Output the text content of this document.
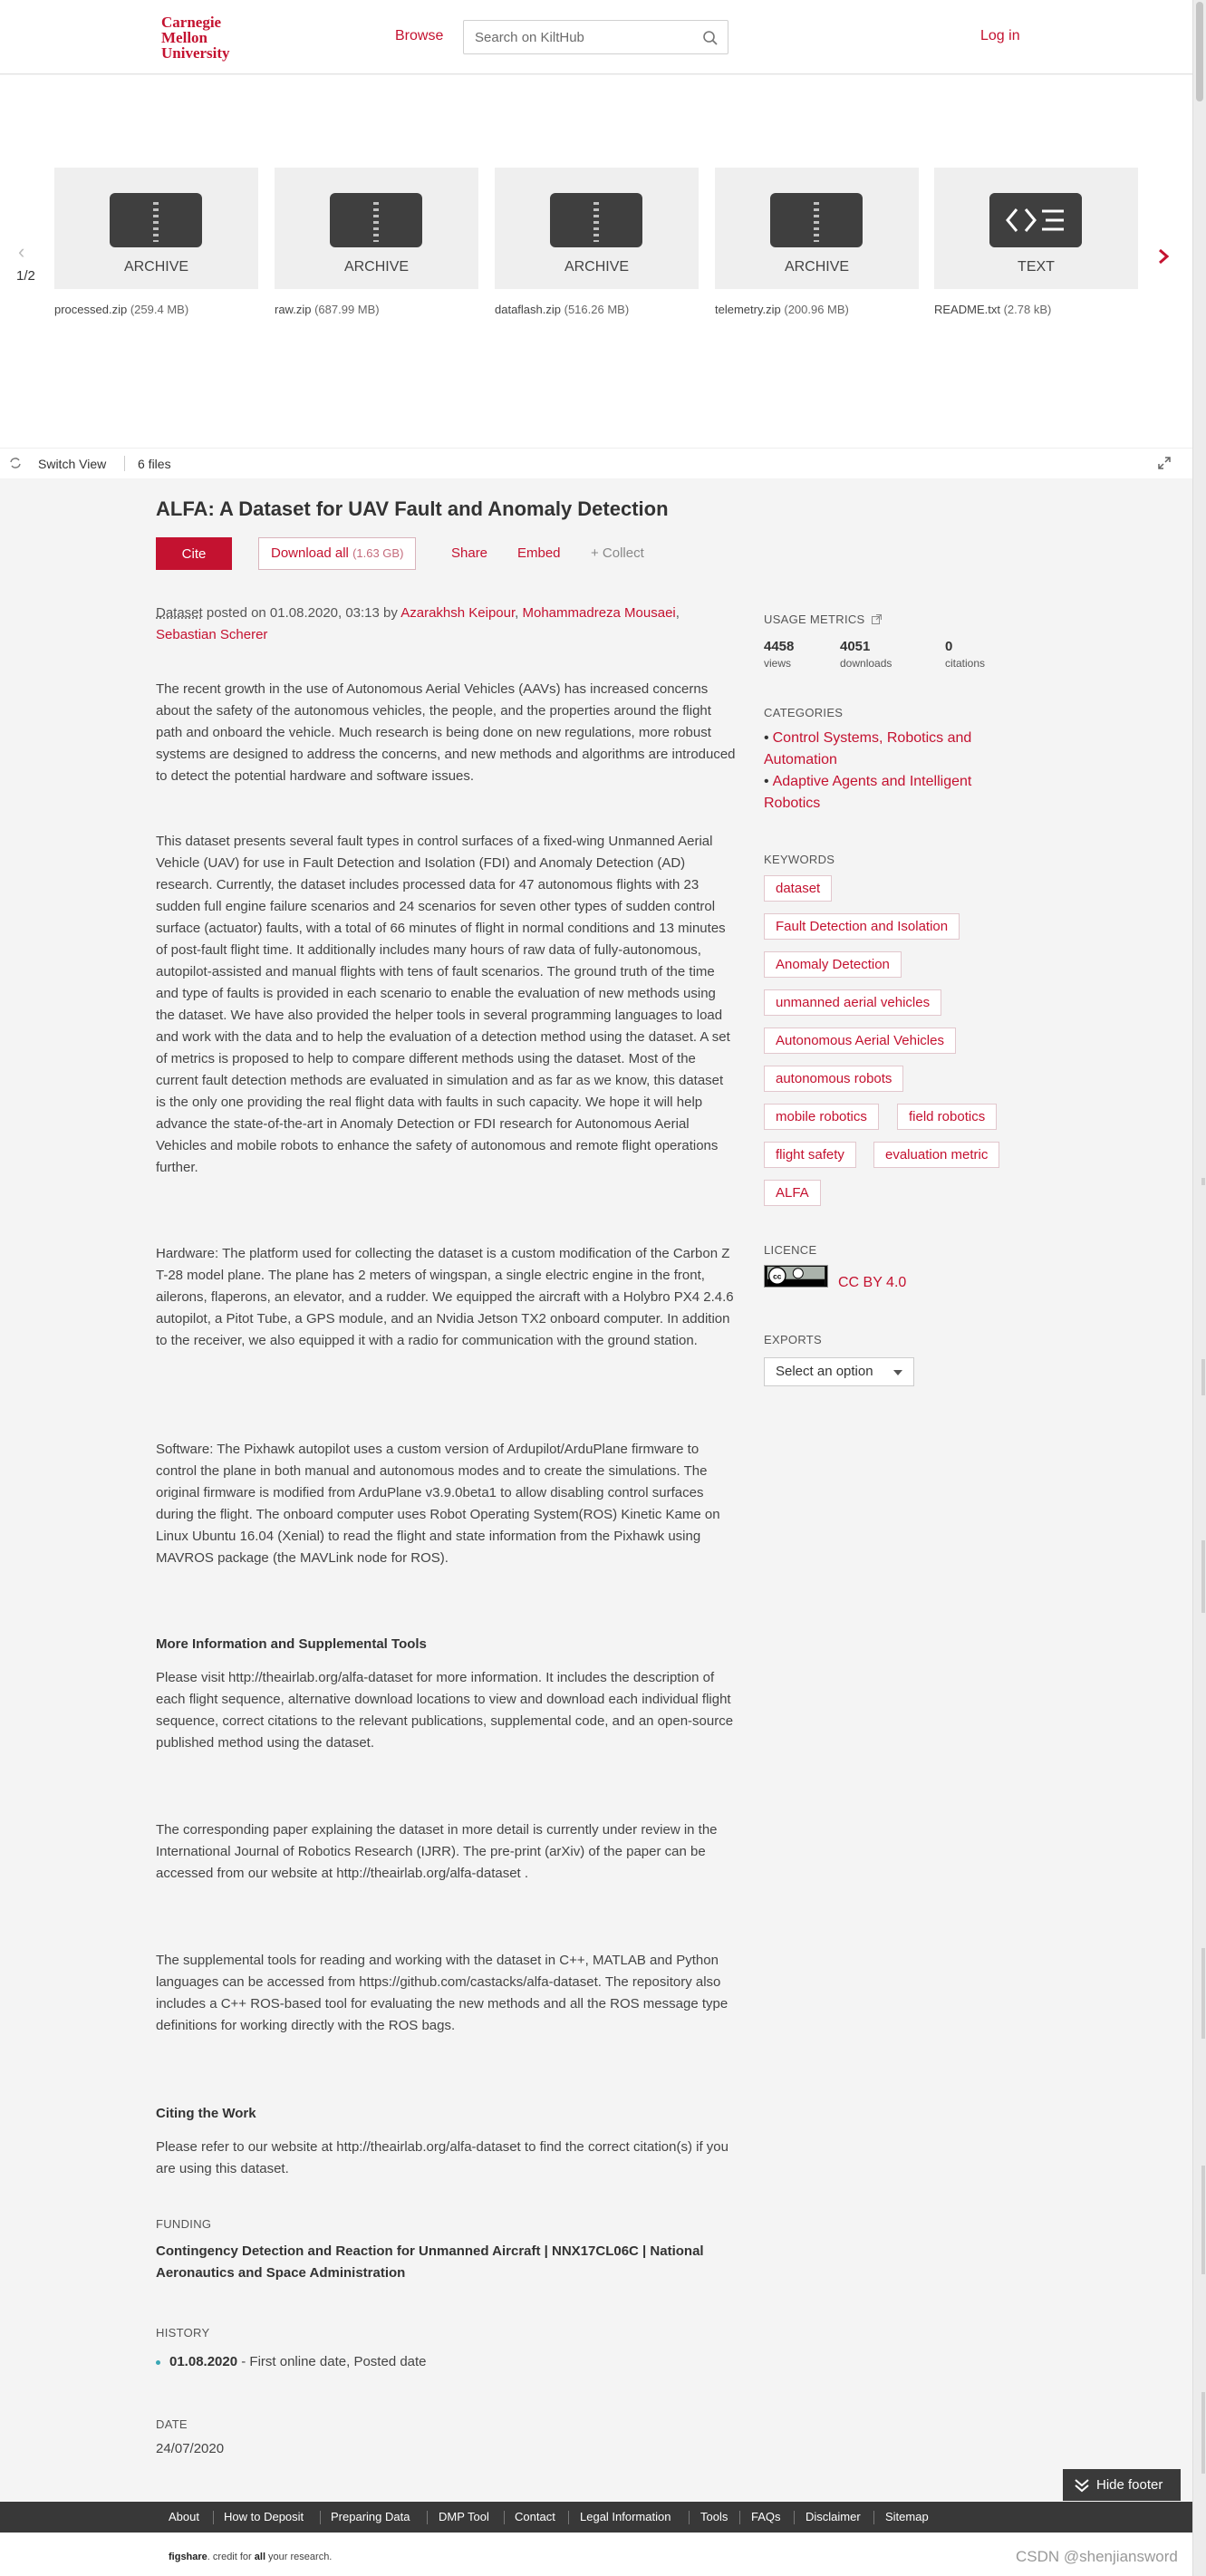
Carnegie
Mellon
University
Browse
Search on KiltHub	Log in
‹
1/2
ARCHIVE
processed.zip (259.4 MB)
ARCHIVE
raw.zip (687.99 MB)
ARCHIVE
dataflash.zip (516.26 MB)
ARCHIVE
telemetry.zip (200.96 MB)
TEXT
README.txt (2.78 kB)
Switch View 6 files
ALFA: A Dataset for UAV Fault and Anomaly Detection
Cite	Download all (1.63 GB)	Share Embed + Collect
Dataset posted on 01.08.2020, 03:13 by Azarakhsh Keipour, Mohammadreza Mousaei, Sebastian Scherer

The recent growth in the use of Autonomous Aerial Vehicles (AAVs) has increased concerns about the safety of the autonomous vehicles, the people, and the properties around the flight path and onboard the vehicle. Much research is being done on new regulations, more robust systems are designed to address the concerns, and new methods and algorithms are introduced to detect the potential hardware and software issues.

This dataset presents several fault types in control surfaces of a fixed-wing Unmanned Aerial Vehicle (UAV) for use in Fault Detection and Isolation (FDI) and Anomaly Detection (AD) research. Currently, the dataset includes processed data for 47 autonomous flights with 23 sudden full engine failure scenarios and 24 scenarios for seven other types of sudden control surface (actuator) faults, with a total of 66 minutes of flight in normal conditions and 13 minutes of post-fault flight time. It additionally includes many hours of raw data of fully-autonomous, autopilot-assisted and manual flights with tens of fault scenarios. The ground truth of the time and type of faults is provided in each scenario to enable the evaluation of new methods using the dataset. We have also provided the helper tools in several programming languages to load and work with the data and to help the evaluation of a detection method using the dataset. A set of metrics is proposed to help to compare different methods using the dataset. Most of the current fault detection methods are evaluated in simulation and as far as we know, this dataset is the only one providing the real flight data with faults in such capacity. We hope it will help advance the state-of-the-art in Anomaly Detection or FDI research for Autonomous Aerial Vehicles and mobile robots to enhance the safety of autonomous and remote flight operations further.

Hardware: The platform used for collecting the dataset is a custom modification of the Carbon Z T-28 model plane. The plane has 2 meters of wingspan, a single electric engine in the front, ailerons, flaperons, an elevator, and a rudder. We equipped the aircraft with a Holybro PX4 2.4.6 autopilot, a Pitot Tube, a GPS module, and an Nvidia Jetson TX2 onboard computer. In addition to the receiver, we also equipped it with a radio for communication with the ground station.

Software: The Pixhawk autopilot uses a custom version of Ardupilot/ArduPlane firmware to control the plane in both manual and autonomous modes and to create the simulations. The original firmware is modified from ArduPlane v3.9.0beta1 to allow disabling control surfaces during the flight. The onboard computer uses Robot Operating System(ROS) Kinetic Kame on Linux Ubuntu 16.04 (Xenial) to read the flight and state information from the Pixhawk using MAVROS package (the MAVLink node for ROS).

More Information and Supplemental Tools

Please visit http://theairlab.org/alfa-dataset for more information. It includes the description of each flight sequence, alternative download locations to view and download each individual flight sequence, correct citations to the relevant publications, supplemental code, and an open-source published method using the dataset.

The corresponding paper explaining the dataset in more detail is currently under review in the International Journal of Robotics Research (IJRR). The pre-print (arXiv) of the paper can be accessed from our website at http://theairlab.org/alfa-dataset .

The supplemental tools for reading and working with the dataset in C++, MATLAB and Python languages can be accessed from https://github.com/castacks/alfa-dataset. The repository also includes a C++ ROS-based tool for evaluating the new methods and all the ROS message type definitions for working directly with the ROS bags.

Citing the Work

Please refer to our website at http://theairlab.org/alfa-dataset to find the correct citation(s) if you are using this dataset.

FUNDING
Contingency Detection and Reaction for Unmanned Aircraft | NNX17CL06C | National Aeronautics and Space Administration
HISTORY
01.08.2020 - First online date, Posted date
DATE
24/07/2020
USAGE METRICS
4458
views
4051
downloads
0
citations
CATEGORIES
• Control Systems, Robotics and Automation
• Adaptive Agents and Intelligent Robotics
KEYWORDS
dataset
Fault Detection and Isolation
Anomaly Detection
unmanned aerial vehicles
Autonomous Aerial Vehicles
autonomous robots
mobile robotics	field robotics
flight safety	evaluation metric
ALFA
LICENCE
cc	CC BY 4.0
EXPORTS
Select an option
Hide footer
About How to Deposit Preparing Data DMP Tool Contact Legal Information	Tools FAQs Disclaimer Sitemap
figshare. credit for all your research.	CSDN @shenjiansword
